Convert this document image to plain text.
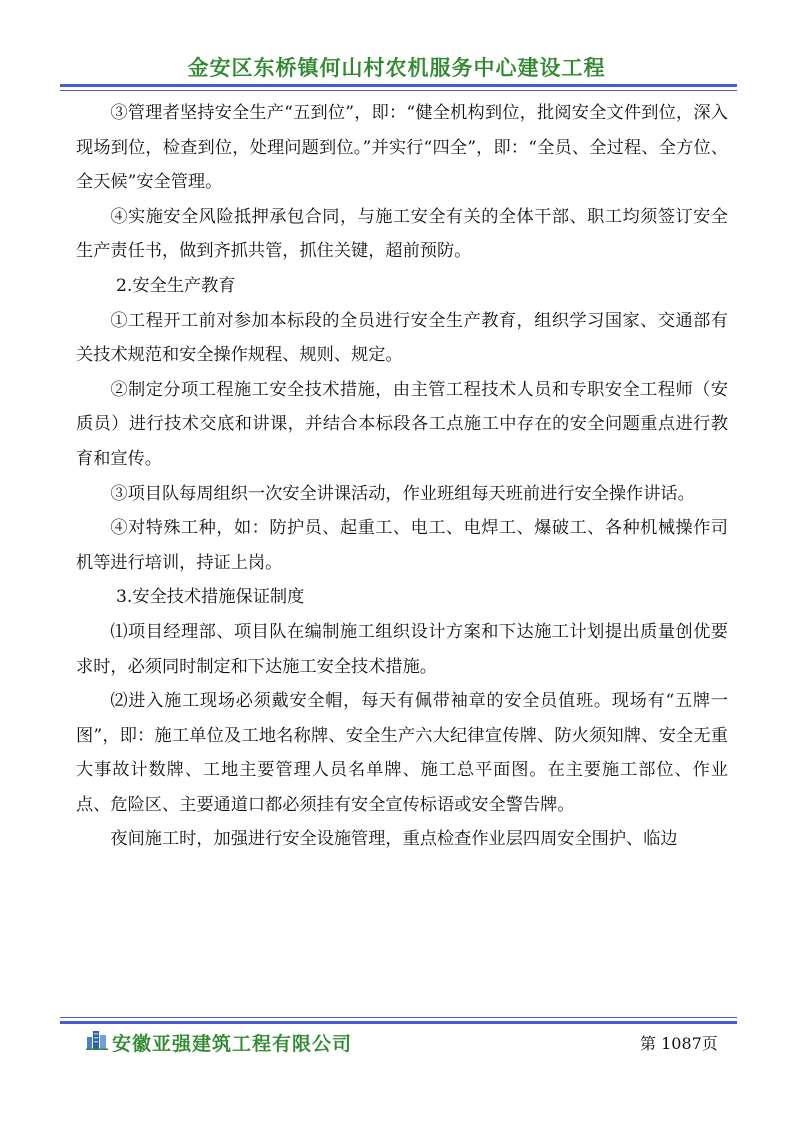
金安区东桥镇何山村农机服务中心建设工程

③管理者坚持安全生产“五到位”，即：“健全机构到位，批阅安全文件到位，深入现场到位，检查到位，处理问题到位。”并实行“四全”，即：“全员、全过程、全方位、全天候”安全管理。

④实施安全风险抵押承包合同，与施工安全有关的全体干部、职工均须签订安全生产责任书，做到齐抓共管，抓住关键，超前预防。

2.安全生产教育

①工程开工前对参加本标段的全员进行安全生产教育，组织学习国家、交通部有关技术规范和安全操作规程、规则、规定。

②制定分项工程施工安全技术措施，由主管工程技术人员和专职安全工程师（安质员）进行技术交底和讲课，并结合本标段各工点施工中存在的安全问题重点进行教育和宣传。

③项目队每周组织一次安全讲课活动，作业班组每天班前进行安全操作讲话。

④对特殊工种，如：防护员、起重工、电工、电焊工、爆破工、各种机械操作司机等进行培训，持证上岗。

3.安全技术措施保证制度

⑴项目经理部、项目队在编制施工组织设计方案和下达施工计划提出质量创优要求时，必须同时制定和下达施工安全技术措施。

⑵进入施工现场必须戴安全帽，每天有佩带袖章的安全员值班。现场有“五牌一图”，即：施工单位及工地名称牌、安全生产六大纪律宣传牌、防火须知牌、安全无重大事故计数牌、工地主要管理人员名单牌、施工总平面图。在主要施工部位、作业点、危险区、主要通道口都必须挂有安全宣传标语或安全警告牌。

夜间施工时，加强进行安全设施管理，重点检查作业层四周安全围护、临边

安徽亚强建筑工程有限公司	第 1087页
